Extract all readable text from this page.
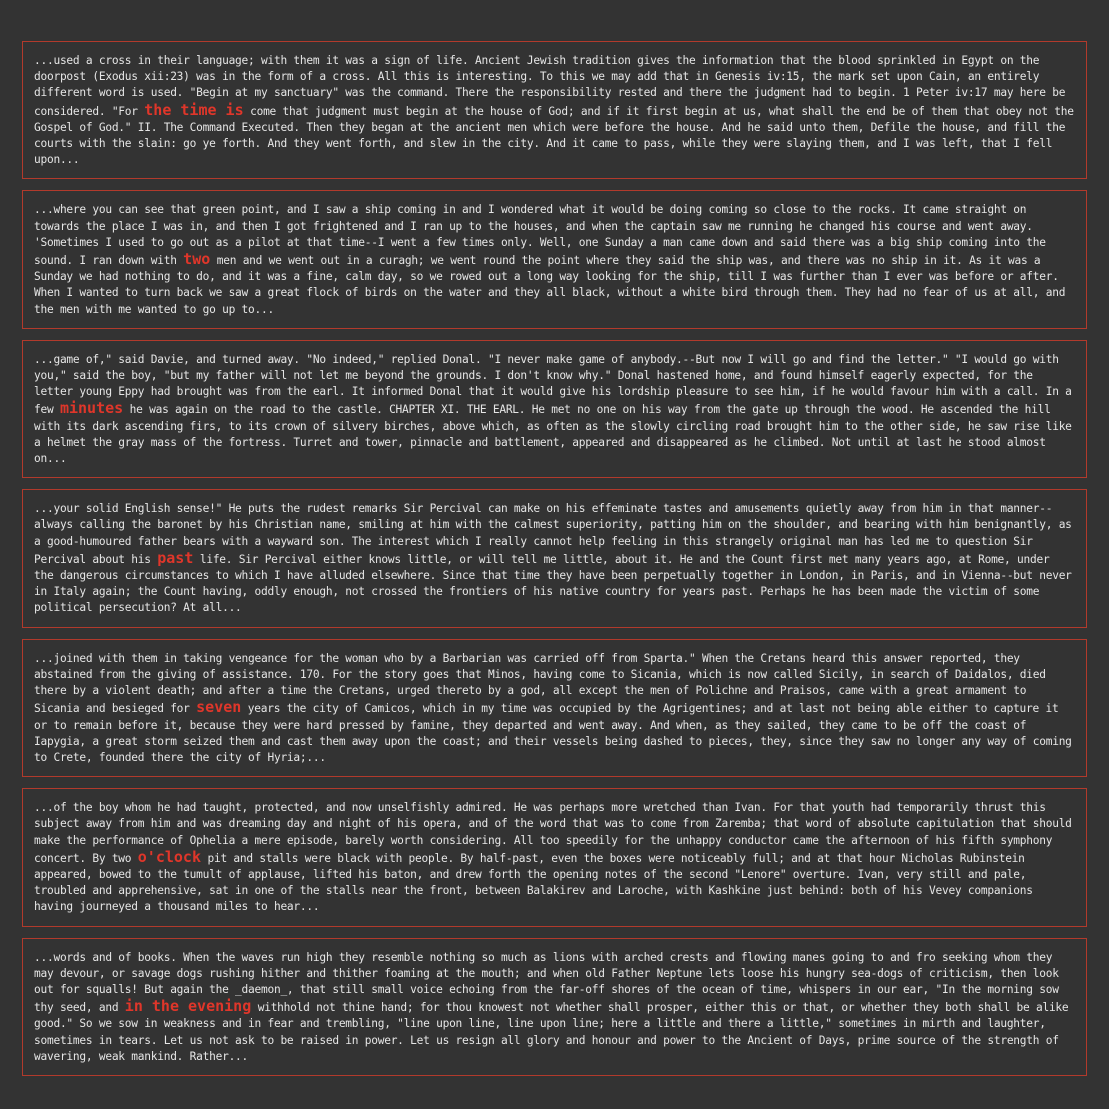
...used a cross in their language; with them it was a sign of life. Ancient Jewish tradition gives the information that the blood sprinkled in Egypt on the doorpost (Exodus xii:23) was in the form of a cross. All this is interesting. To this we may add that in Genesis iv:15, the mark set upon Cain, an entirely different word is used. "Begin at my sanctuary" was the command. There the responsibility rested and there the judgment had to begin. 1 Peter iv:17 may here be considered. "For the time is come that judgment must begin at the house of God; and if it first begin at us, what shall the end be of them that obey not the Gospel of God." II. The Command Executed. Then they began at the ancient men which were before the house. And he said unto them, Defile the house, and fill the courts with the slain: go ye forth. And they went forth, and slew in the city. And it came to pass, while they were slaying them, and I was left, that I fell upon...
...where you can see that green point, and I saw a ship coming in and I wondered what it would be doing coming so close to the rocks. It came straight on towards the place I was in, and then I got frightened and I ran up to the houses, and when the captain saw me running he changed his course and went away. 'Sometimes I used to go out as a pilot at that time--I went a few times only. Well, one Sunday a man came down and said there was a big ship coming into the sound. I ran down with two men and we went out in a curagh; we went round the point where they said the ship was, and there was no ship in it. As it was a Sunday we had nothing to do, and it was a fine, calm day, so we rowed out a long way looking for the ship, till I was further than I ever was before or after. When I wanted to turn back we saw a great flock of birds on the water and they all black, without a white bird through them. They had no fear of us at all, and the men with me wanted to go up to...
...game of," said Davie, and turned away. "No indeed," replied Donal. "I never make game of anybody.--But now I will go and find the letter." "I would go with you," said the boy, "but my father will not let me beyond the grounds. I don't know why." Donal hastened home, and found himself eagerly expected, for the letter young Eppy had brought was from the earl. It informed Donal that it would give his lordship pleasure to see him, if he would favour him with a call. In a few minutes he was again on the road to the castle. CHAPTER XI. THE EARL. He met no one on his way from the gate up through the wood. He ascended the hill with its dark ascending firs, to its crown of silvery birches, above which, as often as the slowly circling road brought him to the other side, he saw rise like a helmet the gray mass of the fortress. Turret and tower, pinnacle and battlement, appeared and disappeared as he climbed. Not until at last he stood almost on...
...your solid English sense!" He puts the rudest remarks Sir Percival can make on his effeminate tastes and amusements quietly away from him in that manner--always calling the baronet by his Christian name, smiling at him with the calmest superiority, patting him on the shoulder, and bearing with him benignantly, as a good-humoured father bears with a wayward son. The interest which I really cannot help feeling in this strangely original man has led me to question Sir Percival about his past life. Sir Percival either knows little, or will tell me little, about it. He and the Count first met many years ago, at Rome, under the dangerous circumstances to which I have alluded elsewhere. Since that time they have been perpetually together in London, in Paris, and in Vienna--but never in Italy again; the Count having, oddly enough, not crossed the frontiers of his native country for years past. Perhaps he has been made the victim of some political persecution? At all...
...joined with them in taking vengeance for the woman who by a Barbarian was carried off from Sparta." When the Cretans heard this answer reported, they abstained from the giving of assistance. 170. For the story goes that Minos, having come to Sicania, which is now called Sicily, in search of Daidalos, died there by a violent death; and after a time the Cretans, urged thereto by a god, all except the men of Polichne and Praisos, came with a great armament to Sicania and besieged for seven years the city of Camicos, which in my time was occupied by the Agrigentines; and at last not being able either to capture it or to remain before it, because they were hard pressed by famine, they departed and went away. And when, as they sailed, they came to be off the coast of Iapygia, a great storm seized them and cast them away upon the coast; and their vessels being dashed to pieces, they, since they saw no longer any way of coming to Crete, founded there the city of Hyria;...
...of the boy whom he had taught, protected, and now unselfishly admired. He was perhaps more wretched than Ivan. For that youth had temporarily thrust this subject away from him and was dreaming day and night of his opera, and of the word that was to come from Zaremba; that word of absolute capitulation that should make the performance of Ophelia a mere episode, barely worth considering. All too speedily for the unhappy conductor came the afternoon of his fifth symphony concert. By two o'clock pit and stalls were black with people. By half-past, even the boxes were noticeably full; and at that hour Nicholas Rubinstein appeared, bowed to the tumult of applause, lifted his baton, and drew forth the opening notes of the second "Lenore" overture. Ivan, very still and pale, troubled and apprehensive, sat in one of the stalls near the front, between Balakirev and Laroche, with Kashkine just behind: both of his Vevey companions having journeyed a thousand miles to hear...
...words and of books. When the waves run high they resemble nothing so much as lions with arched crests and flowing manes going to and fro seeking whom they may devour, or savage dogs rushing hither and thither foaming at the mouth; and when old Father Neptune lets loose his hungry sea-dogs of criticism, then look out for squalls! But again the _daemon_, that still small voice echoing from the far-off shores of the ocean of time, whispers in our ear, "In the morning sow thy seed, and in the evening withhold not thine hand; for thou knowest not whether shall prosper, either this or that, or whether they both shall be alike good." So we sow in weakness and in fear and trembling, "line upon line, line upon line; here a little and there a little," sometimes in mirth and laughter, sometimes in tears. Let us not ask to be raised in power. Let us resign all glory and honour and power to the Ancient of Days, prime source of the strength of wavering, weak mankind. Rather...
